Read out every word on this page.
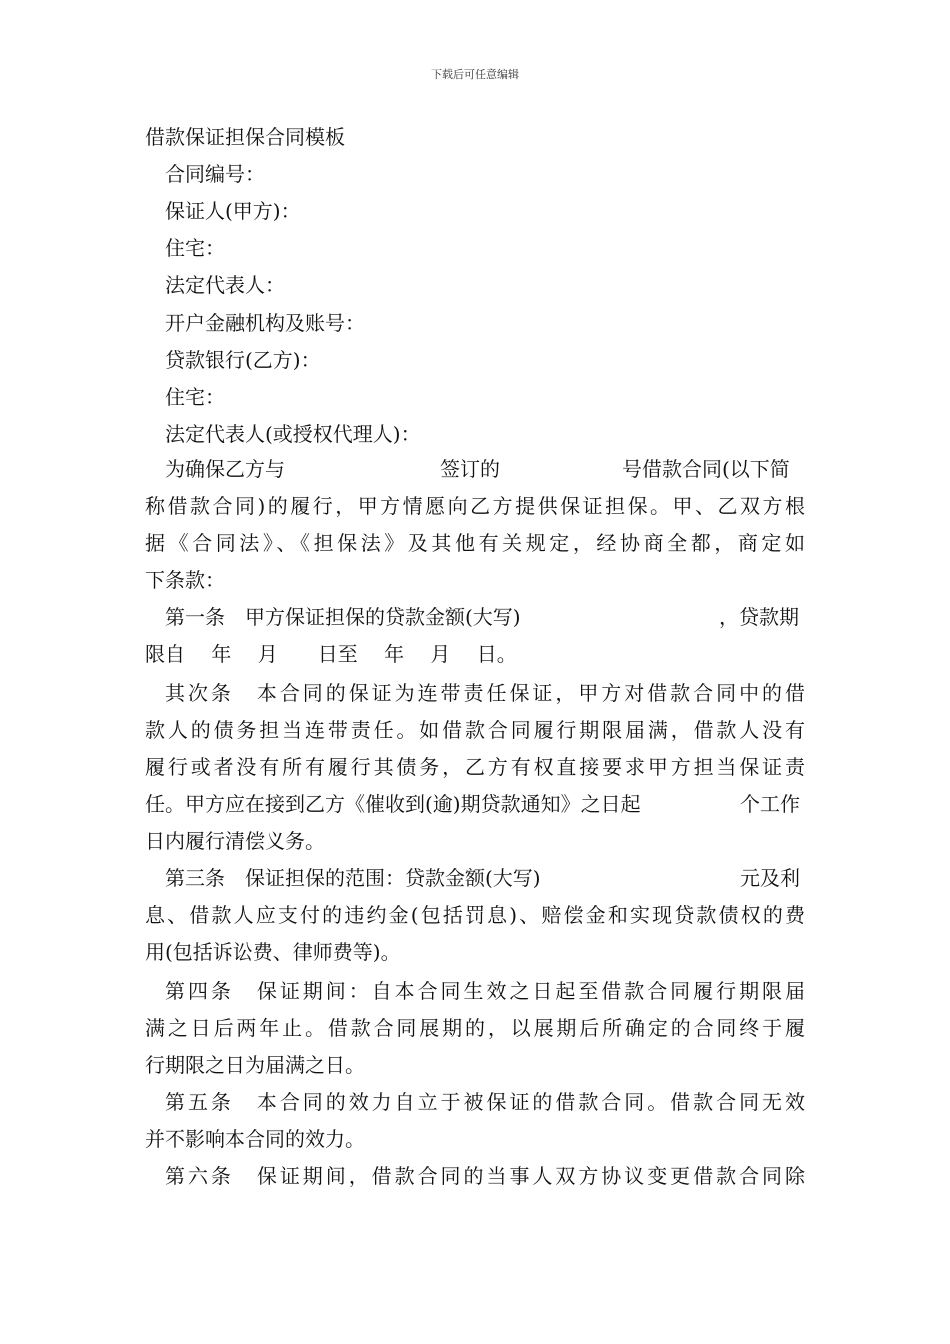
下载后可任意编辑
借款保证担保合同模板
合同编号：
保证人(甲方)：
住宅：
法定代表人：
开户金融机构及账号：
贷款银行(乙方)：
住宅：
法定代表人(或授权代理人)：
为确保乙方与	签订的	号借款合同(以下简
称借款合同)的履行，甲方情愿向乙方提供保证担保。甲、乙双方根
据《合同法》、《担保法》及其他有关规定，经协商全都，商定如
下条款：
第一条　甲方保证担保的贷款金额(大写)	，贷款期
限自　 年　 月　　日至　 年　 月　 日。
其次条　本合同的保证为连带责任保证，甲方对借款合同中的借
款人的债务担当连带责任。如借款合同履行期限届满，借款人没有
履行或者没有所有履行其债务，乙方有权直接要求甲方担当保证责
任。甲方应在接到乙方《催收到(逾)期贷款通知》之日起	个工作
日内履行清偿义务。
第三条　保证担保的范围：贷款金额(大写)	元及利
息、借款人应支付的违约金(包括罚息)、赔偿金和实现贷款债权的费
用(包括诉讼费、律师费等)。
第四条　保证期间：自本合同生效之日起至借款合同履行期限届
满之日后两年止。借款合同展期的，以展期后所确定的合同终于履
行期限之日为届满之日。
第五条　本合同的效力自立于被保证的借款合同。借款合同无效
并不影响本合同的效力。
第六条　保证期间，借款合同的当事人双方协议变更借款合同除
